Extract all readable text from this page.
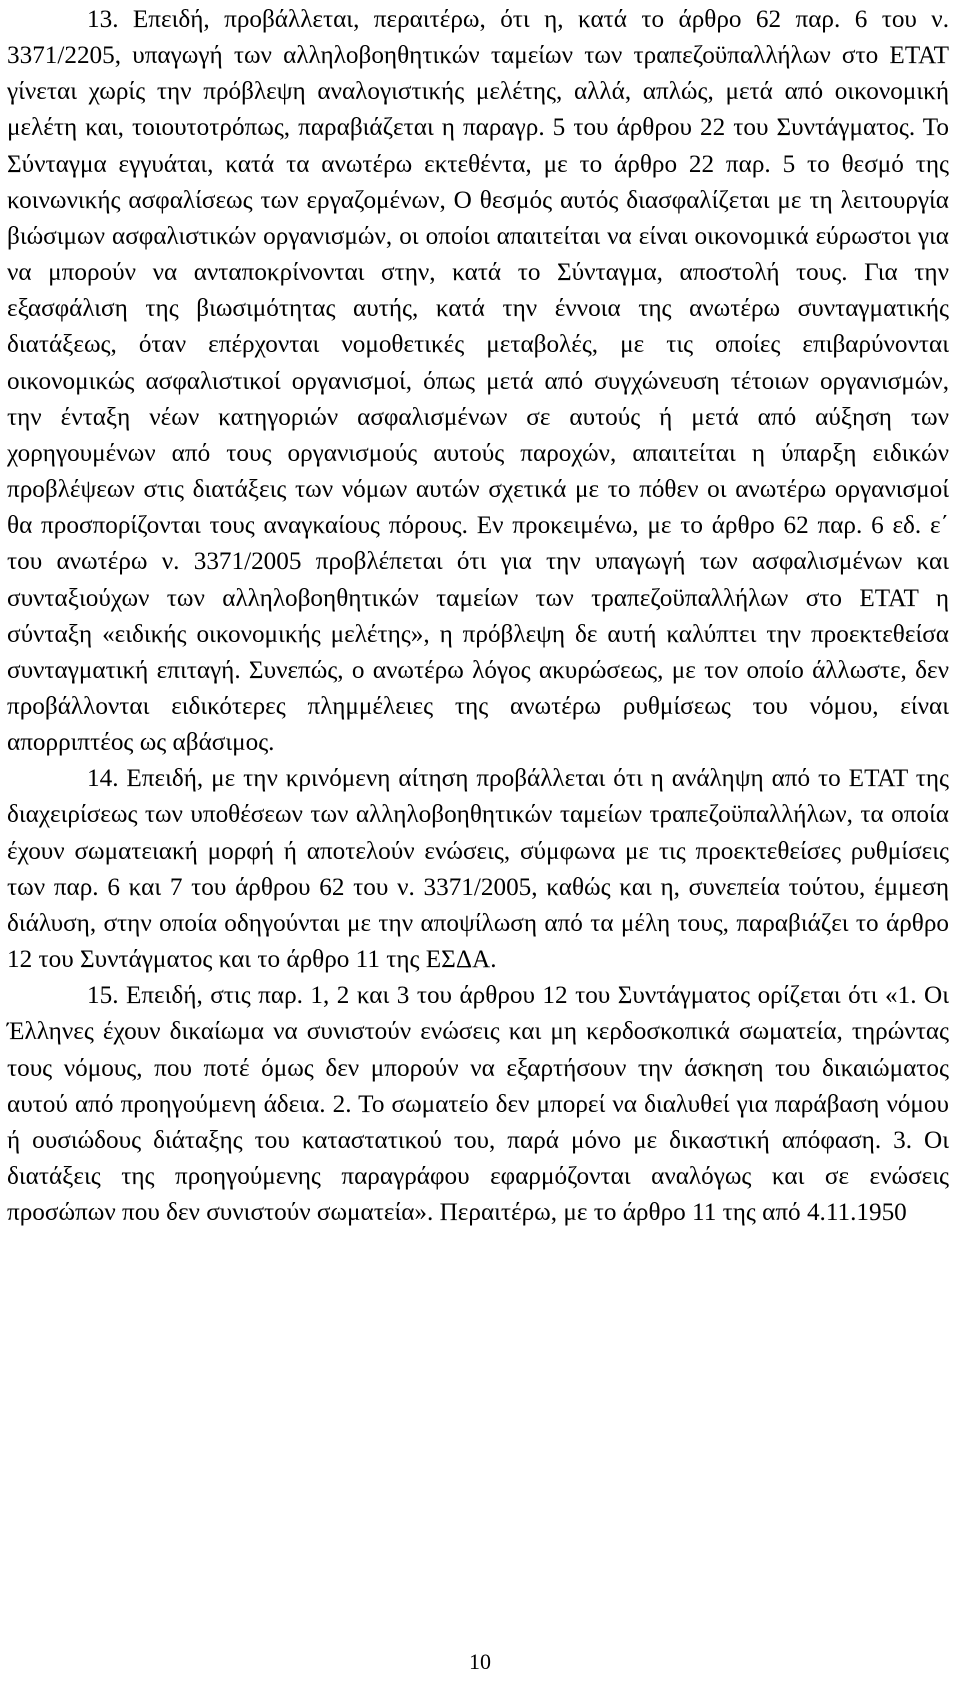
13. Επειδή, προβάλλεται, περαιτέρω, ότι η, κατά το άρθρο 62 παρ. 6 του ν. 3371/2205, υπαγωγή των αλληλοβοηθητικών ταμείων των τραπεζοϋπαλλήλων στο ΕΤΑΤ γίνεται χωρίς την πρόβλεψη αναλογιστικής μελέτης, αλλά, απλώς, μετά από οικονομική μελέτη και, τοιουτοτρόπως, παραβιάζεται η παραγρ. 5 του άρθρου 22 του Συντάγματος. Το Σύνταγμα εγγυάται, κατά τα ανωτέρω εκτεθέντα, με το άρθρο 22 παρ. 5 το θεσμό της κοινωνικής ασφαλίσεως των εργαζομένων, Ο θεσμός αυτός διασφαλίζεται με τη λειτουργία βιώσιμων ασφαλιστικών οργανισμών, οι οποίοι απαιτείται να είναι οικονομικά εύρωστοι για να μπορούν να ανταποκρίνονται στην, κατά το Σύνταγμα, αποστολή τους. Για την εξασφάλιση της βιωσιμότητας αυτής, κατά την έννοια της ανωτέρω συνταγματικής διατάξεως, όταν επέρχονται νομοθετικές μεταβολές, με τις οποίες επιβαρύνονται οικονομικώς ασφαλιστικοί οργανισμοί, όπως μετά από συγχώνευση τέτοιων οργανισμών, την ένταξη νέων κατηγοριών ασφαλισμένων σε αυτούς ή μετά από αύξηση των χορηγουμένων από τους οργανισμούς αυτούς παροχών, απαιτείται η ύπαρξη ειδικών προβλέψεων στις διατάξεις των νόμων αυτών σχετικά με το πόθεν οι ανωτέρω οργανισμοί θα προσπορίζονται τους αναγκαίους πόρους. Εν προκειμένω, με το άρθρο 62 παρ. 6 εδ. ε΄ του ανωτέρω ν. 3371/2005 προβλέπεται ότι για την υπαγωγή των ασφαλισμένων και συνταξιούχων των αλληλοβοηθητικών ταμείων των τραπεζοϋπαλλήλων στο ΕΤΑΤ η σύνταξη «ειδικής οικονομικής μελέτης», η πρόβλεψη δε αυτή καλύπτει την προεκτεθείσα συνταγματική επιταγή. Συνεπώς, ο ανωτέρω λόγος ακυρώσεως, με τον οποίο άλλωστε, δεν προβάλλονται ειδικότερες πλημμέλειες της ανωτέρω ρυθμίσεως του νόμου, είναι απορριπτέος ως αβάσιμος.

14. Επειδή, με την κρινόμενη αίτηση προβάλλεται ότι η ανάληψη από το ΕΤΑΤ της διαχειρίσεως των υποθέσεων των αλληλοβοηθητικών ταμείων τραπεζοϋπαλλήλων, τα οποία έχουν σωματειακή μορφή ή αποτελούν ενώσεις, σύμφωνα με τις προεκτεθείσες ρυθμίσεις των παρ. 6 και 7 του άρθρου 62 του ν. 3371/2005, καθώς και η, συνεπεία τούτου, έμμεση διάλυση, στην οποία οδηγούνται με την αποψίλωση από τα μέλη τους, παραβιάζει το άρθρο 12 του Συντάγματος και το άρθρο 11 της ΕΣΔΑ.

15. Επειδή, στις παρ. 1, 2 και 3 του άρθρου 12 του Συντάγματος ορίζεται ότι «1. Οι Έλληνες έχουν δικαίωμα να συνιστούν ενώσεις και μη κερδοσκοπικά σωματεία, τηρώντας τους νόμους, που ποτέ όμως δεν μπορούν να εξαρτήσουν την άσκηση του δικαιώματος αυτού από προηγούμενη άδεια. 2. Το σωματείο δεν μπορεί να διαλυθεί για παράβαση νόμου ή ουσιώδους διάταξης του καταστατικού του, παρά μόνο με δικαστική απόφαση. 3. Οι διατάξεις της προηγούμενης παραγράφου εφαρμόζονται αναλόγως και σε ενώσεις προσώπων που δεν συνιστούν σωματεία». Περαιτέρω, με το άρθρο 11 της από 4.11.1950

10
